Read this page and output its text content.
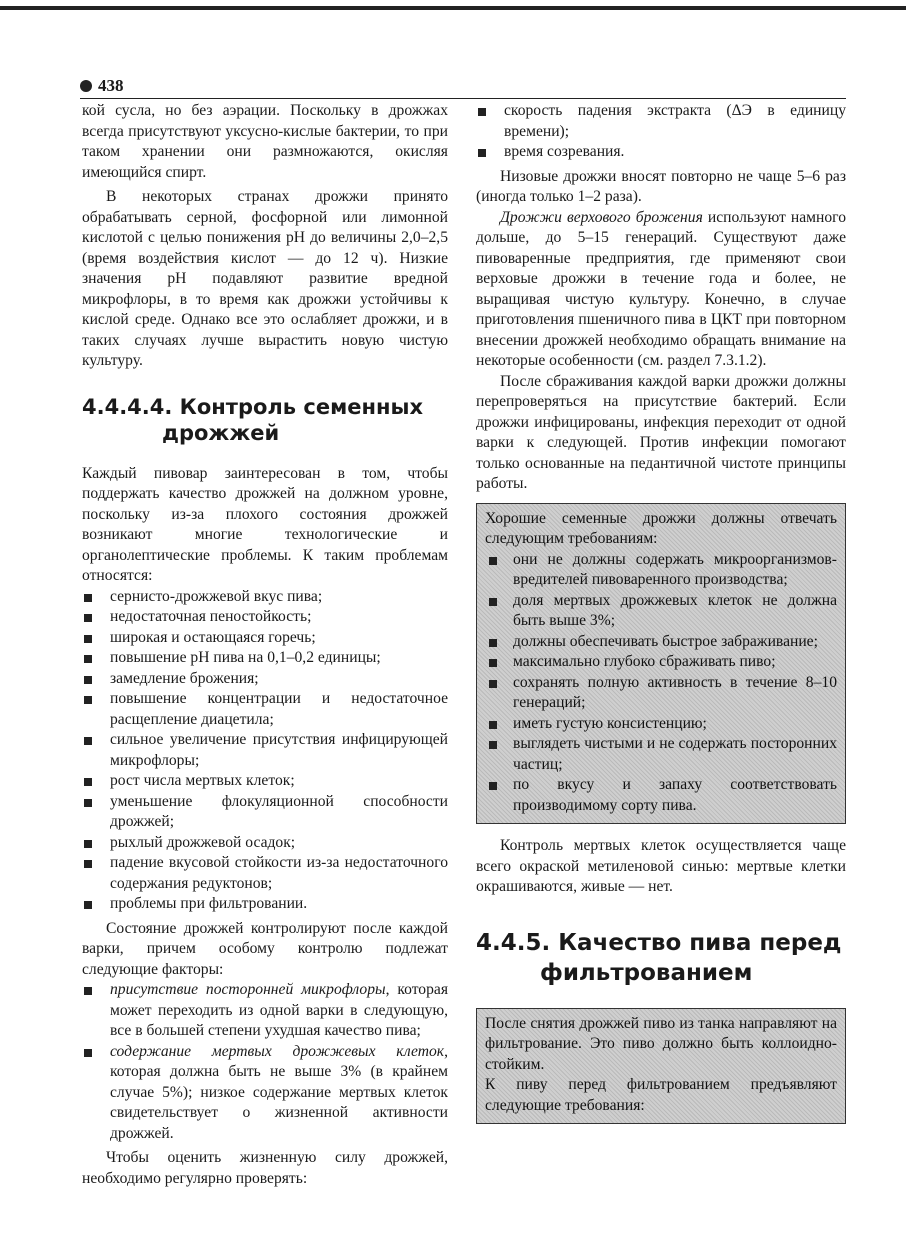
438

кой сусла, но без аэрации. Поскольку в дрожжах всегда присутствуют уксусно-кислые бактерии, то при таком хранении они размножаются, окисляя имеющийся спирт.

В некоторых странах дрожжи принято обрабатывать серной, фосфорной или лимонной кислотой с целью понижения pH до величины 2,0–2,5 (время воздействия кислот — до 12 ч). Низкие значения pH подавляют развитие вредной микрофлоры, в то время как дрожжи устойчивы к кислой среде. Однако все это ослабляет дрожжи, и в таких случаях лучше вырастить новую чистую культуру.

4.4.4.4. Контроль семенных
дрожжей

Каждый пивовар заинтересован в том, чтобы поддержать качество дрожжей на должном уровне, поскольку из-за плохого состояния дрожжей возникают многие технологические и органолептические проблемы. К таким проблемам относятся:

сернисто-дрожжевой вкус пива;
недостаточная пеностойкость;
широкая и остающаяся горечь;
повышение pH пива на 0,1–0,2 единицы;
замедление брожения;
повышение концентрации и недостаточное расщепление диацетила;
сильное увеличение присутствия инфицирующей микрофлоры;
рост числа мертвых клеток;
уменьшение флокуляционной способности дрожжей;
рыхлый дрожжевой осадок;
падение вкусовой стойкости из-за недостаточного содержания редуктонов;
проблемы при фильтровании.

Состояние дрожжей контролируют после каждой варки, причем особому контролю подлежат следующие факторы:

присутствие посторонней микрофлоры, которая может переходить из одной варки в следующую, все в большей степени ухудшая качество пива;
содержание мертвых дрожжевых клеток, которая должна быть не выше 3% (в крайнем случае 5%); низкое содержание мертвых клеток свидетельствует о жизненной активности дрожжей.

Чтобы оценить жизненную силу дрожжей, необходимо регулярно проверять:

скорость падения экстракта (ΔЭ в единицу времени);
время созревания.

Низовые дрожжи вносят повторно не чаще 5–6 раз (иногда только 1–2 раза).

Дрожжи верхового брожения используют намного дольше, до 5–15 генераций. Существуют даже пивоваренные предприятия, где применяют свои верховые дрожжи в течение года и более, не выращивая чистую культуру. Конечно, в случае приготовления пшеничного пива в ЦКТ при повторном внесении дрожжей необходимо обращать внимание на некоторые особенности (см. раздел 7.3.1.2).

После сбраживания каждой варки дрожжи должны перепроверяться на присутствие бактерий. Если дрожжи инфицированы, инфекция переходит от одной варки к следующей. Против инфекции помогают только основанные на педантичной чистоте принципы работы.

Хорошие семенные дрожжи должны отвечать следующим требованиям:

они не должны содержать микроорганизмов-вредителей пивоваренного производства;
доля мертвых дрожжевых клеток не должна быть выше 3%;
должны обеспечивать быстрое забраживание;
максимально глубоко сбраживать пиво;
сохранять полную активность в течение 8–10 генераций;
иметь густую консистенцию;
выглядеть чистыми и не содержать посторонних частиц;
по вкусу и запаху соответствовать производимому сорту пива.

Контроль мертвых клеток осуществляется чаще всего окраской метиленовой синью: мертвые клетки окрашиваются, живые — нет.

4.4.5. Качество пива перед
фильтрованием

После снятия дрожжей пиво из танка направляют на фильтрование. Это пиво должно быть коллоидно-стойким.

К пиву перед фильтрованием предъявляют следующие требования:
